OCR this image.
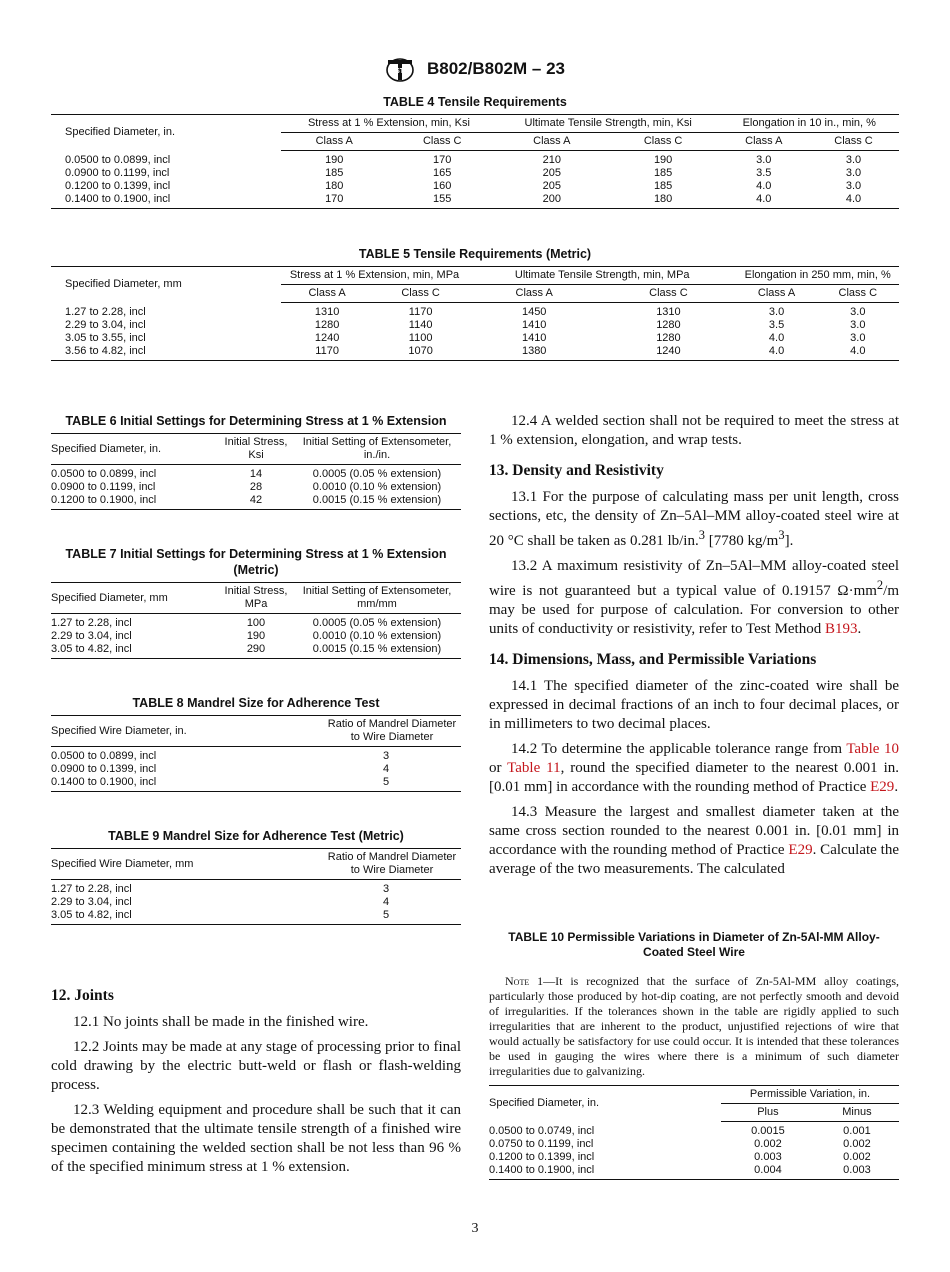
ASTM B802/B802M – 23
TABLE 4 Tensile Requirements
Specified Diameter, in.	Stress at 1 % Extension, min, Ksi		Ultimate Tensile Strength, min, Ksi		Elongation in 10 in., min, %	
	Class A	Class C	Class A	Class C	Class A	Class C
0.0500 to 0.0899, incl	190	170	210	190	3.0	3.0
0.0900 to 0.1199, incl	185	165	205	185	3.5	3.0
0.1200 to 0.1399, incl	180	160	205	185	4.0	3.0
0.1400 to 0.1900, incl	170	155	200	180	4.0	4.0
TABLE 5 Tensile Requirements (Metric)
Specified Diameter, mm	Stress at 1 % Extension, min, MPa		Ultimate Tensile Strength, min, MPa		Elongation in 250 mm, min, %	
	Class A	Class C	Class A	Class C	Class A	Class C
1.27 to 2.28, incl	1310	1170	1450	1310	3.0	3.0
2.29 to 3.04, incl	1280	1140	1410	1280	3.5	3.0
3.05 to 3.55, incl	1240	1100	1410	1280	4.0	3.0
3.56 to 4.82, incl	1170	1070	1380	1240	4.0	4.0
TABLE 6 Initial Settings for Determining Stress at 1 % Extension
Specified Diameter, in.	Initial Stress, Ksi	Initial Setting of Extensometer, in./in.
0.0500 to 0.0899, incl	14	0.0005 (0.05 % extension)
0.0900 to 0.1199, incl	28	0.0010 (0.10 % extension)
0.1200 to 0.1900, incl	42	0.0015 (0.15 % extension)
TABLE 7 Initial Settings for Determining Stress at 1 % Extension (Metric)
Specified Diameter, mm	Initial Stress, MPa	Initial Setting of Extensometer, mm/mm
1.27 to 2.28, incl	100	0.0005 (0.05 % extension)
2.29 to 3.04, incl	190	0.0010 (0.10 % extension)
3.05 to 4.82, incl	290	0.0015 (0.15 % extension)
TABLE 8 Mandrel Size for Adherence Test
Specified Wire Diameter, in.	Ratio of Mandrel Diameter to Wire Diameter
0.0500 to 0.0899, incl	3
0.0900 to 0.1399, incl	4
0.1400 to 0.1900, incl	5
TABLE 9 Mandrel Size for Adherence Test (Metric)
Specified Wire Diameter, mm	Ratio of Mandrel Diameter to Wire Diameter
1.27 to 2.28, incl	3
2.29 to 3.04, incl	4
3.05 to 4.82, incl	5
12. Joints

12.1 No joints shall be made in the finished wire.

12.2 Joints may be made at any stage of processing prior to final cold drawing by the electric butt-weld or flash or flash-welding process.

12.3 Welding equipment and procedure shall be such that it can be demonstrated that the ultimate tensile strength of a finished wire specimen containing the welded section shall be not less than 96 % of the specified minimum stress at 1 % extension.

12.4 A welded section shall not be required to meet the stress at 1 % extension, elongation, and wrap tests.

13. Density and Resistivity

13.1 For the purpose of calculating mass per unit length, cross sections, etc, the density of Zn–5Al–MM alloy-coated steel wire at 20 °C shall be taken as 0.281 lb/in.$^3$ [7780 $kg/m^3$].

13.2 A maximum resistivity of Zn–5Al–MM alloy-coated steel wire is not guaranteed but a typical value of 0.19157 $\Omega\cdot mm^2/m$ may be used for purpose of calculation. For conversion to other units of conductivity or resistivity, refer to Test Method B193.

14. Dimensions, Mass, and Permissible Variations

14.1 The specified diameter of the zinc-coated wire shall be expressed in decimal fractions of an inch to four decimal places, or in millimeters to two decimal places.

14.2 To determine the applicable tolerance range from Table 10 or Table 11, round the specified diameter to the nearest 0.001 in. [0.01 mm] in accordance with the rounding method of Practice E29.

14.3 Measure the largest and smallest diameter taken at the same cross section rounded to the nearest 0.001 in. [0.01 mm] in accordance with the rounding method of Practice E29. Calculate the average of the two measurements. The calculated

TABLE 10 Permissible Variations in Diameter of Zn-5Al-MM Alloy-Coated Steel Wire

Note 1—It is recognized that the surface of Zn-5Al-MM alloy coatings, particularly those produced by hot-dip coating, are not perfectly smooth and devoid of irregularities. If the tolerances shown in the table are rigidly applied to such irregularities that are inherent to the product, unjustified rejections of wire that would actually be satisfactory for use could occur. It is intended that these tolerances be used in gauging the wires where there is a minimum of such diameter irregularities due to galvanizing.

Specified Diameter, in.	Permissible Variation, in.	
	Plus	Minus
0.0500 to 0.0749, incl	0.0015	0.001
0.0750 to 0.1199, incl	0.002	0.002
0.1200 to 0.1399, incl	0.003	0.002
0.1400 to 0.1900, incl	0.004	0.003
3
